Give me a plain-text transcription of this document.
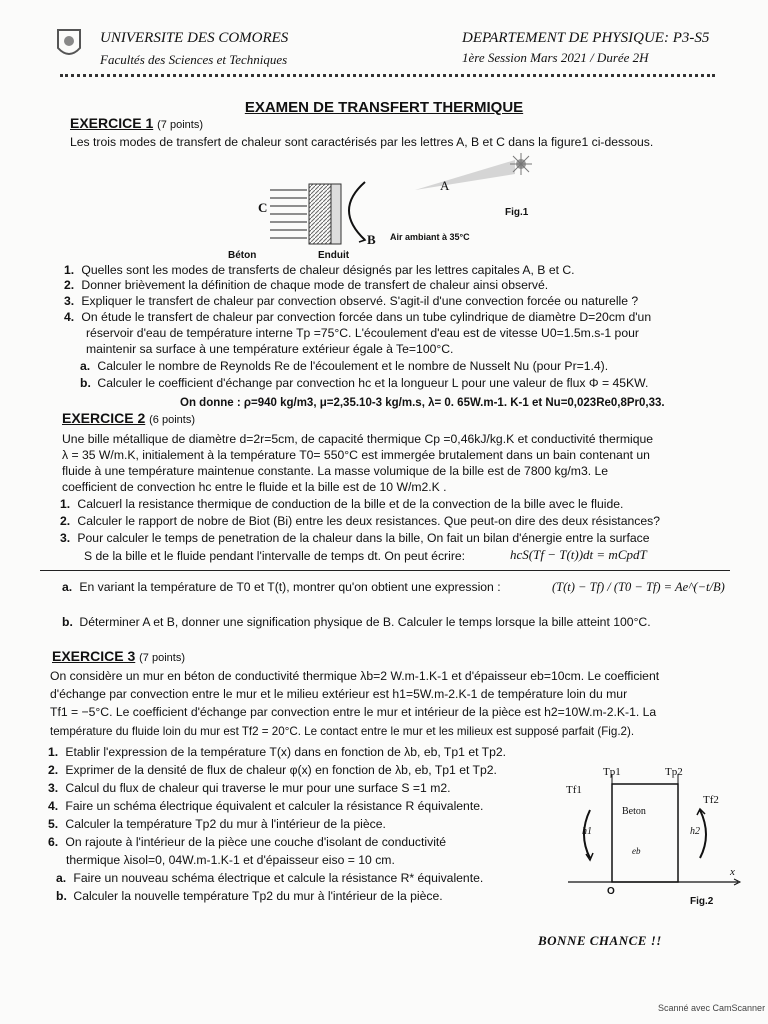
UNIVERSITE DES COMORES
Facultés des Sciences et Techniques
DEPARTEMENT DE PHYSIQUE: P3-S5
1ère Session Mars 2021 / Durée 2H
EXAMEN DE TRANSFERT THERMIQUE
EXERCICE 1 (7 points)
Les trois modes de transfert de chaleur sont caractérisés par les lettres A, B et C dans la figure1 ci-dessous.
A
C
B
Fig.1
Air ambiant à 35°C
Béton	Enduit
1. Quelles sont les modes de transferts de chaleur désignés par les lettres capitales A, B et C.
2. Donner brièvement la définition de chaque mode de transfert de chaleur ainsi observé.
3. Expliquer le transfert de chaleur par convection observé. S'agit-il d'une convection forcée ou naturelle ?
4. On étude le transfert de chaleur par convection forcée dans un tube cylindrique de diamètre D=20cm d'un
réservoir d'eau de température interne Tp =75°C. L'écoulement d'eau est de vitesse U0=1.5m.s-1 pour
maintenir sa surface à une température extérieur égale à Te=100°C.
a. Calculer le nombre de Reynolds Re de l'écoulement et le nombre de Nusselt Nu (pour Pr=1.4).
b. Calculer le coefficient d'échange par convection hc et la longueur L pour une valeur de flux Φ = 45KW.
On donne : ρ=940 kg/m3, μ=2,35.10-3 kg/m.s, λ= 0. 65W.m-1. K-1 et Nu=0,023Re0,8Pr0,33.
EXERCICE 2 (6 points)
Une bille métallique de diamètre d=2r=5cm, de capacité thermique Cp =0,46kJ/kg.K et conductivité thermique
λ = 35 W/m.K, initialement à la température T0= 550°C est immergée brutalement dans un bain contenant un
fluide à une température maintenue constante. La masse volumique de la bille est de 7800 kg/m3. Le
coefficient de convection hc entre le fluide et la bille est de 10 W/m2.K .
1. Calcuerl la resistance thermique de conduction de la bille et de la convection de la bille avec le fluide.
2. Calculer le rapport de nobre de Biot (Bi) entre les deux resistances. Que peut-on dire des deux résistances?
3. Pour calculer le temps de penetration de la chaleur dans la bille, On fait un bilan d'énergie entre la surface
S de la bille et le fluide pendant l'intervalle de temps dt. On peut écrire:	hcS(Tf − T(t))dt = mCpdT
a. En variant la température de T0 et T(t), montrer qu'on obtient une expression :	(T(t) − Tf) / (T0 − Tf) = Ae^(−t/B)
b. Déterminer A et B, donner une signification physique de B. Calculer le temps lorsque la bille atteint 100°C.
EXERCICE 3 (7 points)
On considère un mur en béton de conductivité thermique λb=2 W.m-1.K-1 et d'épaisseur eb=10cm. Le coefficient
d'échange par convection entre le mur et le milieu extérieur est h1=5W.m-2.K-1 de température loin du mur
Tf1 = −5°C. Le coefficient d'échange par convection entre le mur et intérieur de la pièce est h2=10W.m-2.K-1. La
température du fluide loin du mur est Tf2 = 20°C. Le contact entre le mur et les milieux est supposé parfait (Fig.2).
1. Etablir l'expression de la température T(x) dans en fonction de λb, eb, Tp1 et Tp2.
2. Exprimer de la densité de flux de chaleur φ(x) en fonction de λb, eb, Tp1 et Tp2.
3. Calcul du flux de chaleur qui traverse le mur pour une surface S =1 m2.
4. Faire un schéma électrique équivalent et calculer la résistance R équivalente.
5. Calculer la température Tp2 du mur à l'intérieur de la pièce.
6. On rajoute à l'intérieur de la pièce une couche d'isolant de conductivité
thermique λisol=0, 04W.m-1.K-1 et d'épaisseur eiso = 10 cm.
a. Faire un nouveau schéma électrique et calcule la résistance R* équivalente.
b. Calculer la nouvelle température Tp2 du mur à l'intérieur de la pièce.
Tp1	Tp2
Tf1
Tf2
Beton
eb
h1	h2
O
x
Fig.2
BONNE CHANCE !!
Scanné avec CamScanner
